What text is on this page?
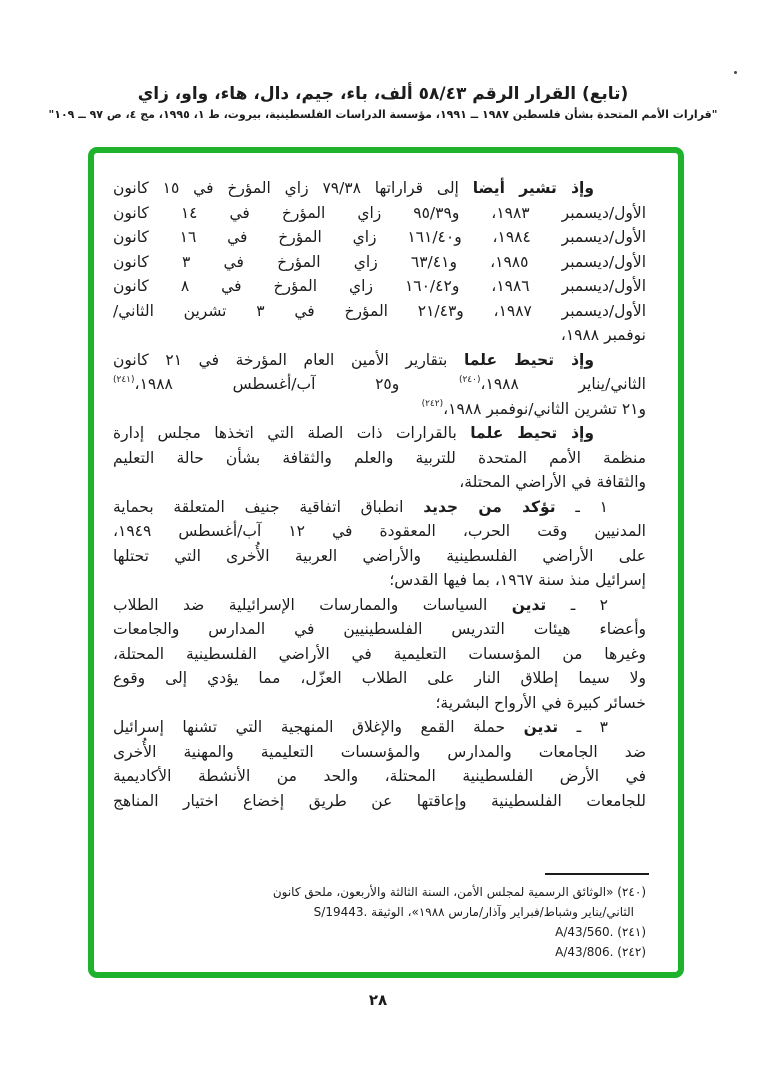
(تابع) القرار الرقم ٥٨/٤٣ ألف، باء، جيم، دال، هاء، واو، زاي
"قرارات الأمم المتحدة بشأن فلسطين ١٩٨٧ ــ ١٩٩١، مؤسسة الدراسات الفلسطينية، بيروت، ط ١، ١٩٩٥، مج ٤، ص ٩٧ ــ ١٠٩"
وإذ تشير أيضا إلى قراراتها ٧٩/٣٨ زاي المؤرخ في ١٥ كانون
الأول/ديسمبر ١٩٨٣، و٩٥/٣٩ زاي المؤرخ في ١٤ كانون
الأول/ديسمبر ١٩٨٤، و١٦١/٤٠ زاي المؤرخ في ١٦ كانون
الأول/ديسمبر ١٩٨٥، و٦٣/٤١ زاي المؤرخ في ٣ كانون
الأول/ديسمبر ١٩٨٦، و١٦٠/٤٢ زاي المؤرخ في ٨ كانون
الأول/ديسمبر ١٩٨٧، و٢١/٤٣ المؤرخ في ٣ تشرين الثاني/
نوفمبر ١٩٨٨،
وإذ تحيط علما بتقارير الأمين العام المؤرخة في ٢١ كانون
الثاني/يناير ١٩٨٨،$^{(٢٤٠)}$ و٢٥ آب/أغسطس ١٩٨٨،$^{(٢٤١)}$
و٢١ تشرين الثاني/نوفمبر ١٩٨٨،$^{(٢٤٢)}$
وإذ تحيط علما بالقرارات ذات الصلة التي اتخذها مجلس إدارة
منظمة الأمم المتحدة للتربية والعلم والثقافة بشأن حالة التعليم
والثقافة في الأراضي المحتلة،
١ ـ تؤكد من جديد انطباق اتفاقية جنيف المتعلقة بحماية
المدنيين وقت الحرب، المعقودة في ١٢ آب/أغسطس ١٩٤٩،
على الأراضي الفلسطينية والأراضي العربية الأُخرى التي تحتلها
إسرائيل منذ سنة ١٩٦٧، بما فيها القدس؛
٢ ـ تدين السياسات والممارسات الإسرائيلية ضد الطلاب
وأعضاء هيئات التدريس الفلسطينيين في المدارس والجامعات
وغيرها من المؤسسات التعليمية في الأراضي الفلسطينية المحتلة،
ولا سيما إطلاق النار على الطلاب العزّل، مما يؤدي إلى وقوع
خسائر كبيرة في الأرواح البشرية؛
٣ ـ تدين حملة القمع والإغلاق المنهجية التي تشنها إسرائيل
ضد الجامعات والمدارس والمؤسسات التعليمية والمهنية الأُخرى
في الأرض الفلسطينية المحتلة، والحد من الأنشطة الأكاديمية
للجامعات الفلسطينية وإعاقتها عن طريق إخضاع اختيار المناهج
(٢٤٠) «الوثائق الرسمية لمجلس الأمن، السنة الثالثة والأربعون، ملحق كانون
الثاني/يناير وشباط/فبراير وآذار/مارس ١٩٨٨»، الوثيقة S/19443.
(٢٤١) A/43/560.
(٢٤٢) A/43/806.
٢٨
